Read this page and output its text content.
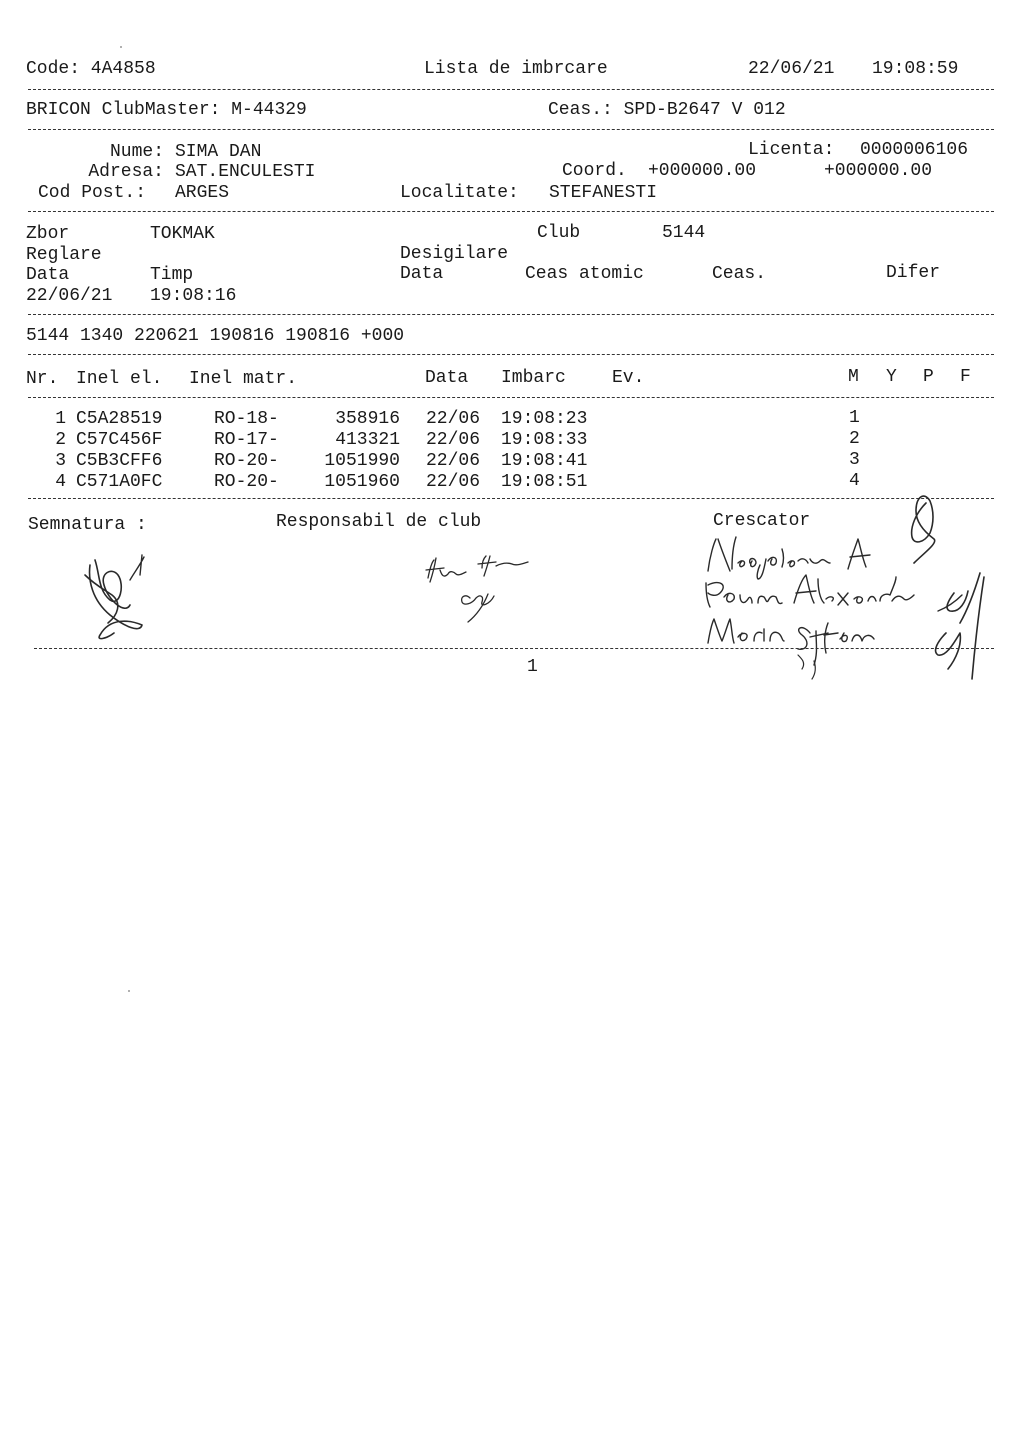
Code: 4A4858	Lista de imbrcare	22/06/21 19:08:59
BRICON ClubMaster: M-44329	Ceas.: SPD-B2647 V 012
Nume: SIMA DAN	Licenta: 0000006106
Adresa: SAT.ENCULESTI	Coord. +000000.00	+000000.00
Cod Post.: ARGES	Localitate: STEFANESTI
Zbor	TOKMAK	Club	5144
Reglare	Desigilare
Data	Timp	Data	Ceas atomic	Ceas.	Difer
22/06/21 19:08:16
5144 1340 220621 190816 190816 +000
Nr. Inel el. Inel matr.	Data Imbarc	Ev.	M Y P F
1 C5A28519	RO-18-	358916 22/06 19:08:23	1
2 C57C456F	RO-17-	413321 22/06 19:08:33	2
3 C5B3CFF6	RO-20-	1051990 22/06 19:08:41	3
4 C571A0FC	RO-20-	1051960 22/06 19:08:51	4
Semnatura :	Responsabil de club	Crescator
1
